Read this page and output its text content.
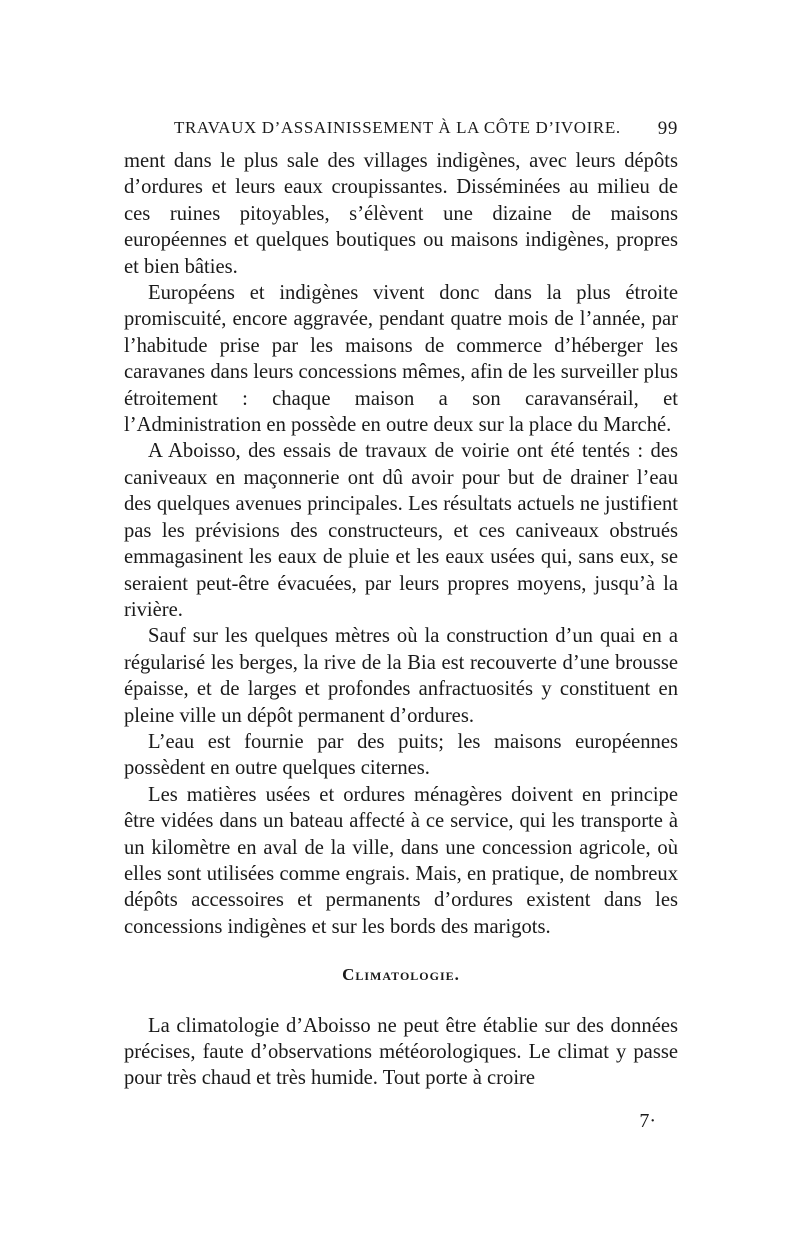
TRAVAUX D’ASSAINISSEMENT À LA CÔTE D’IVOIRE. 99

ment dans le plus sale des villages indigènes, avec leurs dépôts d’ordures et leurs eaux croupissantes. Disséminées au milieu de ces ruines pitoyables, s’élèvent une dizaine de maisons européennes et quelques boutiques ou maisons indigènes, propres et bien bâties.

Européens et indigènes vivent donc dans la plus étroite promiscuité, encore aggravée, pendant quatre mois de l’année, par l’habitude prise par les maisons de commerce d’héberger les caravanes dans leurs concessions mêmes, afin de les surveiller plus étroitement : chaque maison a son caravansérail, et l’Administration en possède en outre deux sur la place du Marché.

A Aboisso, des essais de travaux de voirie ont été tentés : des caniveaux en maçonnerie ont dû avoir pour but de drainer l’eau des quelques avenues principales. Les résultats actuels ne justifient pas les prévisions des constructeurs, et ces caniveaux obstrués emmagasinent les eaux de pluie et les eaux usées qui, sans eux, se seraient peut-être évacuées, par leurs propres moyens, jusqu’à la rivière.

Sauf sur les quelques mètres où la construction d’un quai en a régularisé les berges, la rive de la Bia est recouverte d’une brousse épaisse, et de larges et profondes anfractuosités y constituent en pleine ville un dépôt permanent d’ordures.

L’eau est fournie par des puits; les maisons européennes possèdent en outre quelques citernes.

Les matières usées et ordures ménagères doivent en principe être vidées dans un bateau affecté à ce service, qui les transporte à un kilomètre en aval de la ville, dans une concession agricole, où elles sont utilisées comme engrais. Mais, en pratique, de nombreux dépôts accessoires et permanents d’ordures existent dans les concessions indigènes et sur les bords des marigots.

Climatologie.

La climatologie d’Aboisso ne peut être établie sur des données précises, faute d’observations météorologiques. Le climat y passe pour très chaud et très humide. Tout porte à croire

7·
